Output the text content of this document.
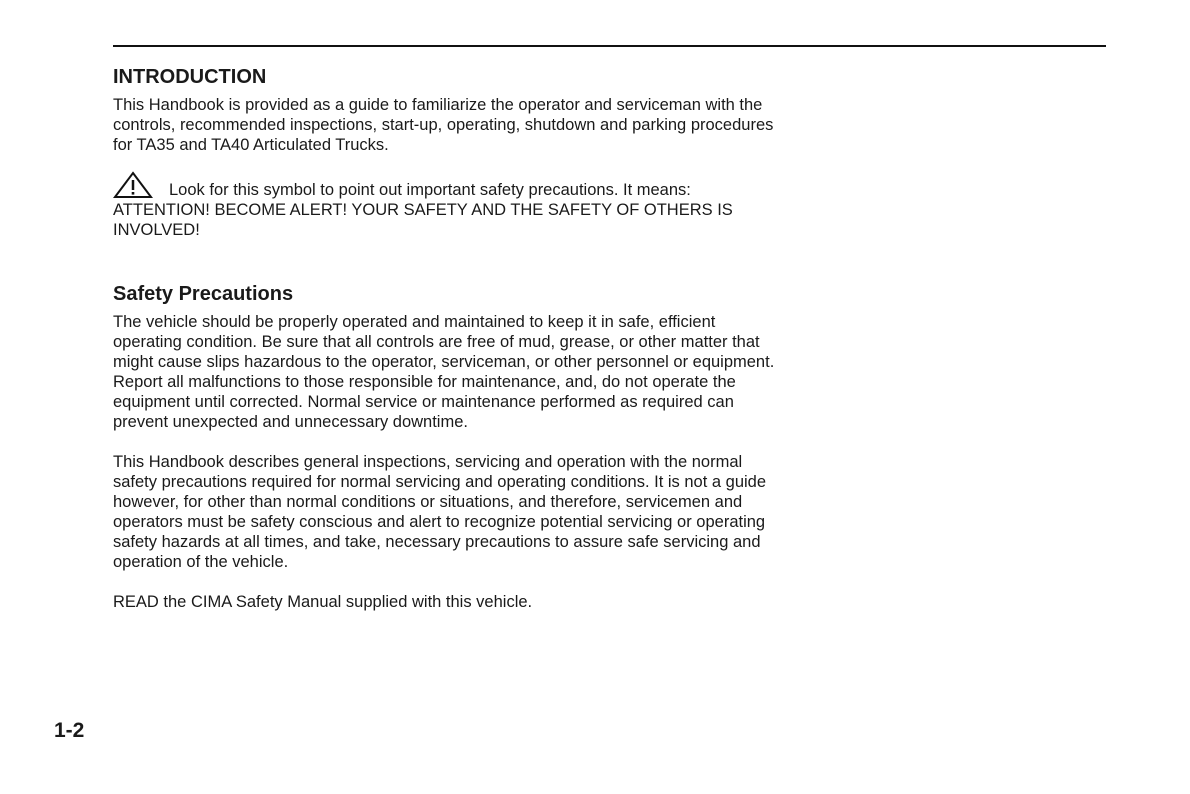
INTRODUCTION

This Handbook is provided as a guide to familiarize the operator and serviceman with the controls, recommended inspections, start-up, operating, shutdown and parking procedures for TA35 and TA40 Articulated Trucks.

Look for this symbol to point out important safety precautions. It means:
ATTENTION! BECOME ALERT! YOUR SAFETY AND THE SAFETY OF OTHERS IS INVOLVED!
Safety Precautions

The vehicle should be properly operated and maintained to keep it in safe, efficient operating condition. Be sure that all controls are free of mud, grease, or other matter that might cause slips hazardous to the operator, serviceman, or other personnel or equipment. Report all malfunctions to those responsible for maintenance, and, do not operate the equipment until corrected. Normal service or maintenance performed as required can prevent unexpected and unnecessary downtime.

This Handbook describes general inspections, servicing and operation with the normal safety precautions required for normal servicing and operating conditions. It is not a guide however, for other than normal conditions or situations, and therefore, servicemen and operators must be safety conscious and alert to recognize potential servicing or operating safety hazards at all times, and take, necessary precautions to assure safe servicing and operation of the vehicle.

READ the CIMA Safety Manual supplied with this vehicle.

1-2
